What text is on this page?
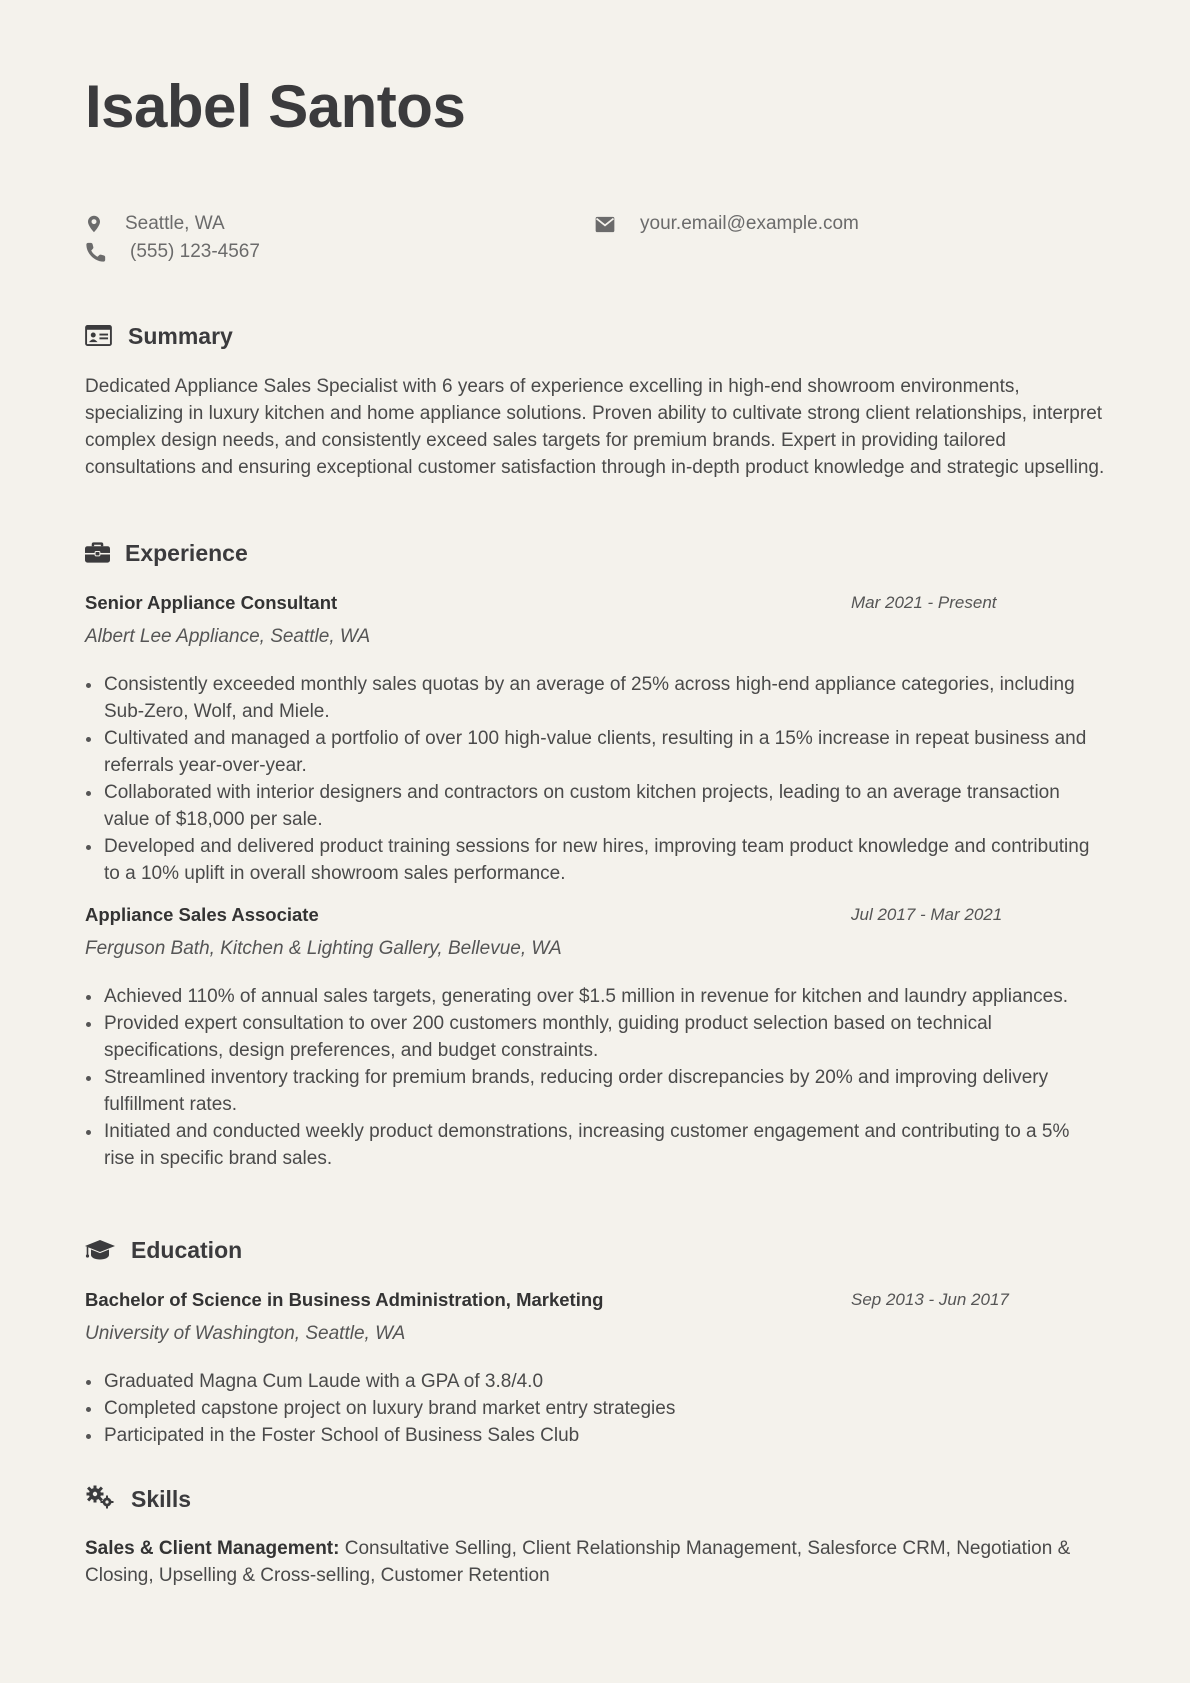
Isabel Santos
Seattle, WA	your.email@example.com
(555) 123-4567
Summary
Dedicated Appliance Sales Specialist with 6 years of experience excelling in high-end showroom environments, specializing in luxury kitchen and home appliance solutions. Proven ability to cultivate strong client relationships, interpret complex design needs, and consistently exceed sales targets for premium brands. Expert in providing tailored consultations and ensuring exceptional customer satisfaction through in-depth product knowledge and strategic upselling.
Experience
Senior Appliance Consultant	Mar 2021 - Present
Albert Lee Appliance, Seattle, WA
Consistently exceeded monthly sales quotas by an average of 25% across high-end appliance categories, including Sub-Zero, Wolf, and Miele.
Cultivated and managed a portfolio of over 100 high-value clients, resulting in a 15% increase in repeat business and referrals year-over-year.
Collaborated with interior designers and contractors on custom kitchen projects, leading to an average transaction value of $18,000 per sale.
Developed and delivered product training sessions for new hires, improving team product knowledge and contributing to a 10% uplift in overall showroom sales performance.
Appliance Sales Associate	Jul 2017 - Mar 2021
Ferguson Bath, Kitchen & Lighting Gallery, Bellevue, WA
Achieved 110% of annual sales targets, generating over $1.5 million in revenue for kitchen and laundry appliances.
Provided expert consultation to over 200 customers monthly, guiding product selection based on technical specifications, design preferences, and budget constraints.
Streamlined inventory tracking for premium brands, reducing order discrepancies by 20% and improving delivery fulfillment rates.
Initiated and conducted weekly product demonstrations, increasing customer engagement and contributing to a 5% rise in specific brand sales.
Education
Bachelor of Science in Business Administration, Marketing	Sep 2013 - Jun 2017
University of Washington, Seattle, WA
Graduated Magna Cum Laude with a GPA of 3.8/4.0
Completed capstone project on luxury brand market entry strategies
Participated in the Foster School of Business Sales Club
Skills
Sales & Client Management: Consultative Selling, Client Relationship Management, Salesforce CRM, Negotiation & Closing, Upselling & Cross-selling, Customer Retention
